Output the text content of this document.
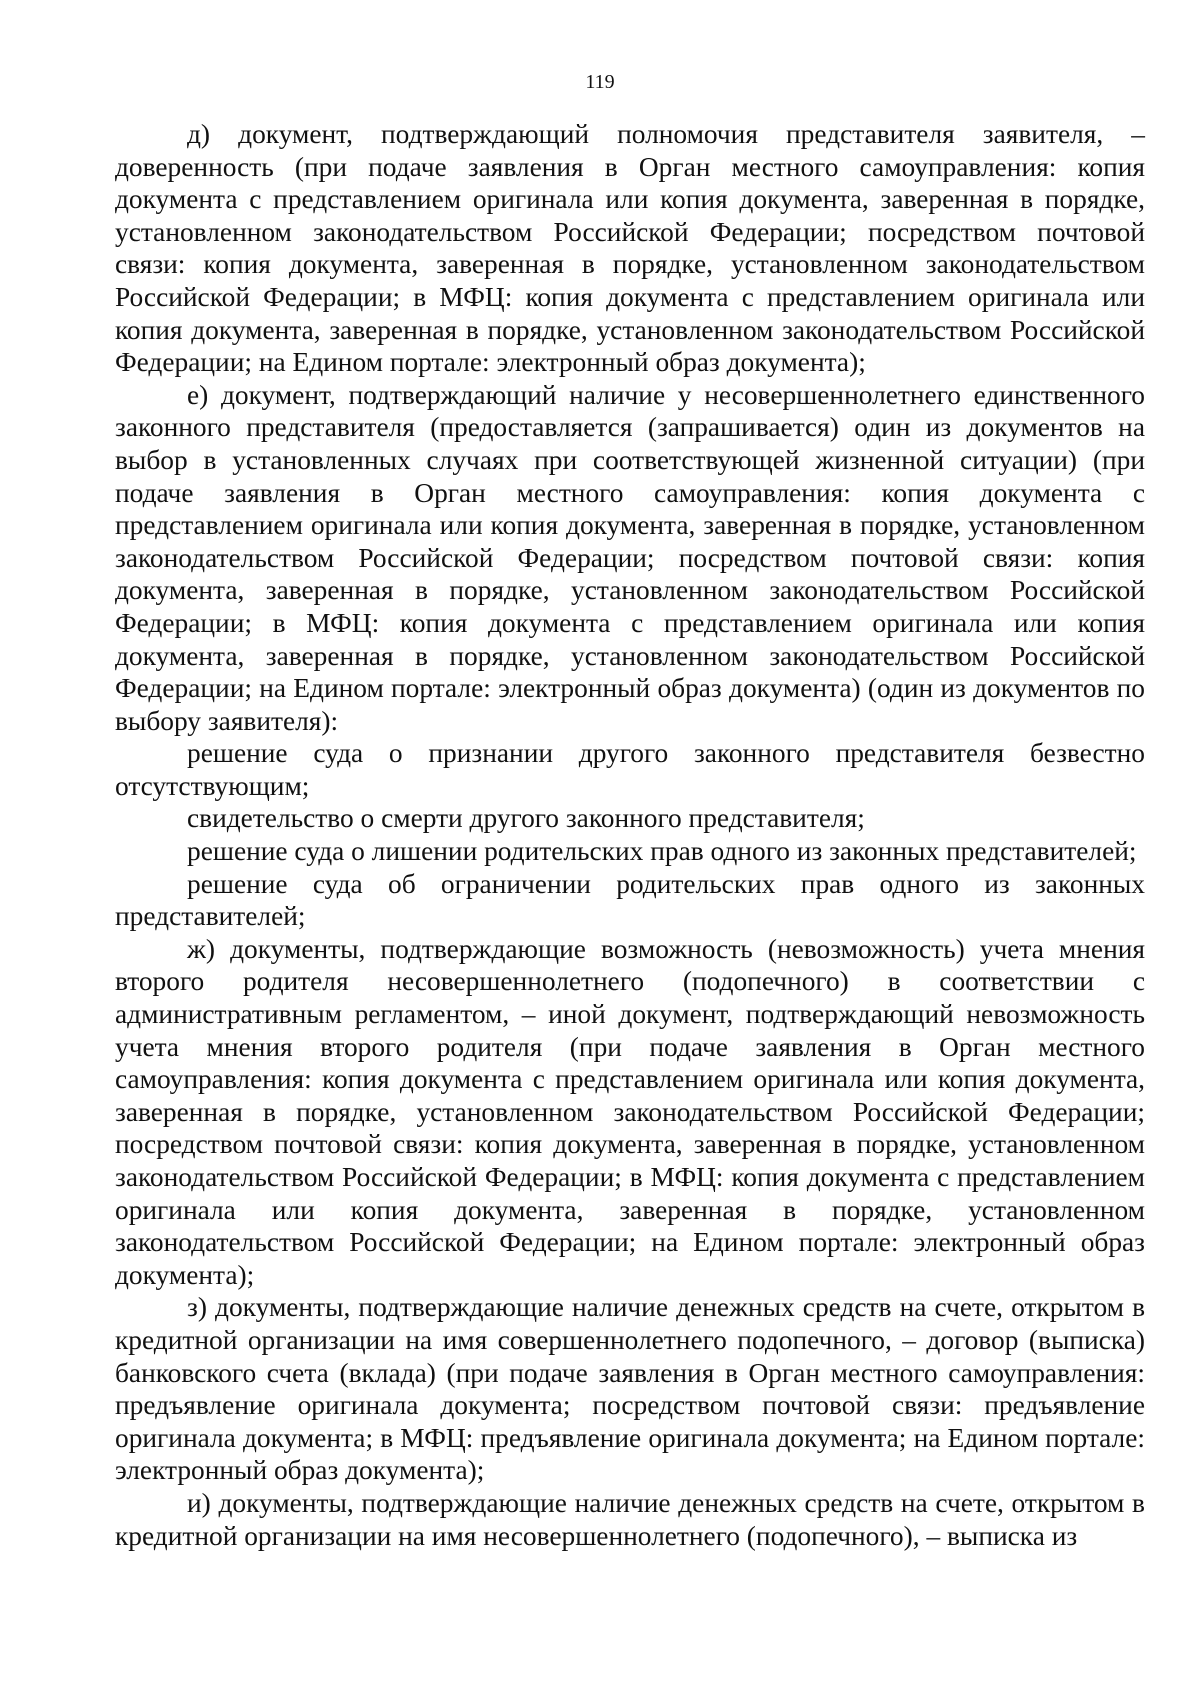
119

д) документ, подтверждающий полномочия представителя заявителя, – доверенность (при подаче заявления в Орган местного самоуправления: копия документа с представлением оригинала или копия документа, заверенная в порядке, установленном законодательством Российской Федерации; посредством почтовой связи: копия документа, заверенная в порядке, установленном законодательством Российской Федерации; в МФЦ: копия документа с представлением оригинала или копия документа, заверенная в порядке, установленном законодательством Российской Федерации; на Едином портале: электронный образ документа);

е) документ, подтверждающий наличие у несовершеннолетнего единственного законного представителя (предоставляется (запрашивается) один из документов на выбор в установленных случаях при соответствующей жизненной ситуации) (при подаче заявления в Орган местного самоуправления: копия документа с представлением оригинала или копия документа, заверенная в порядке, установленном законодательством Российской Федерации; посредством почтовой связи: копия документа, заверенная в порядке, установленном законодательством Российской Федерации; в МФЦ: копия документа с представлением оригинала или копия документа, заверенная в порядке, установленном законодательством Российской Федерации; на Едином портале: электронный образ документа) (один из документов по выбору заявителя):

решение суда о признании другого законного представителя безвестно отсутствующим;

свидетельство о смерти другого законного представителя;

решение суда о лишении родительских прав одного из законных представителей;

решение суда об ограничении родительских прав одного из законных представителей;

ж) документы, подтверждающие возможность (невозможность) учета мнения второго родителя несовершеннолетнего (подопечного) в соответствии с административным регламентом, – иной документ, подтверждающий невозможность учета мнения второго родителя (при подаче заявления в Орган местного самоуправления: копия документа с представлением оригинала или копия документа, заверенная в порядке, установленном законодательством Российской Федерации; посредством почтовой связи: копия документа, заверенная в порядке, установленном законодательством Российской Федерации; в МФЦ: копия документа с представлением оригинала или копия документа, заверенная в порядке, установленном законодательством Российской Федерации; на Едином портале: электронный образ документа);

з) документы, подтверждающие наличие денежных средств на счете, открытом в кредитной организации на имя совершеннолетнего подопечного, – договор (выписка) банковского счета (вклада) (при подаче заявления в Орган местного самоуправления: предъявление оригинала документа; посредством почтовой связи: предъявление оригинала документа; в МФЦ: предъявление оригинала документа; на Едином портале: электронный образ документа);

и) документы, подтверждающие наличие денежных средств на счете, открытом в кредитной организации на имя несовершеннолетнего (подопечного), – выписка из
